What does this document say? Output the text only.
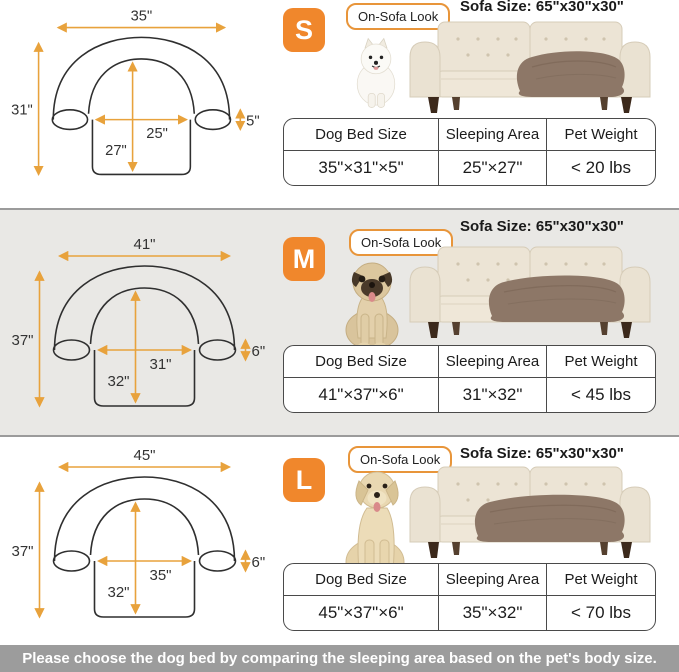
35"
31"
25"
27"
5"
S	On-Sofa Look
Sofa Size: 65"x30"x30"
Dog Bed Size	Sleeping Area	Pet Weight
35"×31"×5"	25"×27"	< 20 lbs
41"
37"
31"
32"
6"
M
On-Sofa Look
Sofa Size: 65"x30"x30"
Dog Bed Size	Sleeping Area	Pet Weight
41"×37"×6"	31"×32"	< 45 lbs
45"
37"
35"
32"
6"
L
On-Sofa Look	Sofa Size: 65"x30"x30"
Dog Bed Size	Sleeping Area	Pet Weight
45"×37"×6"	35"×32"	< 70 lbs
Please choose the dog bed by comparing the sleeping area based on the pet's body size.
